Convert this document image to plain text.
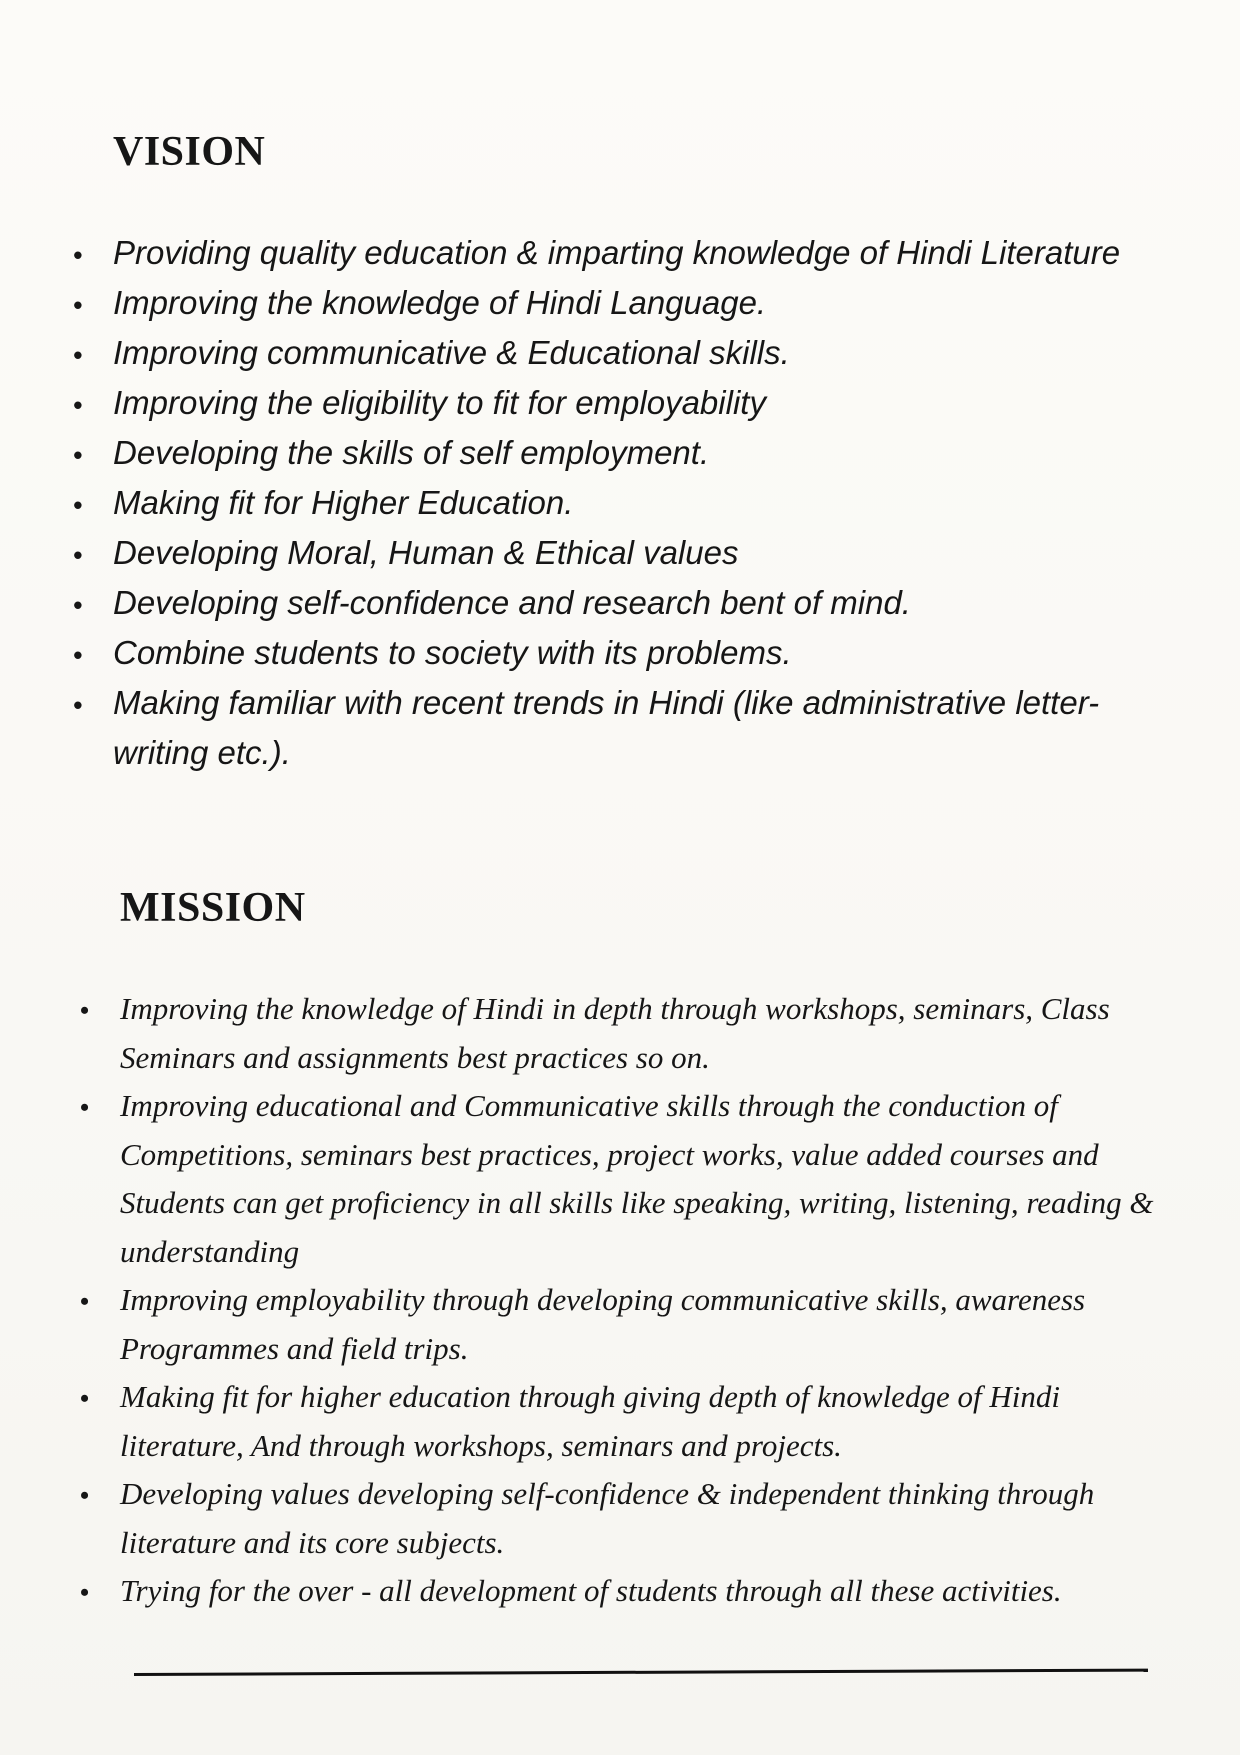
VISION
• Providing quality education & imparting knowledge of Hindi Literature
• Improving the knowledge of Hindi Language.
• Improving communicative & Educational skills.
• Improving the eligibility to fit for employability
• Developing the skills of self employment.
• Making fit for Higher Education.
• Developing Moral, Human & Ethical values
• Developing self-confidence and research bent of mind.
• Combine students to society with its problems.
• Making familiar with recent trends in Hindi (like administrative letter-writing etc.).
MISSION
• Improving the knowledge of Hindi in depth through workshops, seminars, Class Seminars and assignments best practices so on.
• Improving educational and Communicative skills through the conduction of Competitions, seminars best practices, project works, value added courses and Students can get proficiency in all skills like speaking, writing, listening, reading & understanding
• Improving employability through developing communicative skills, awareness Programmes and field trips.
• Making fit for higher education through giving depth of knowledge of Hindi literature, And through workshops, seminars and projects.
• Developing values developing self-confidence & independent thinking through literature and its core subjects.
• Trying for the over - all development of students through all these activities.
